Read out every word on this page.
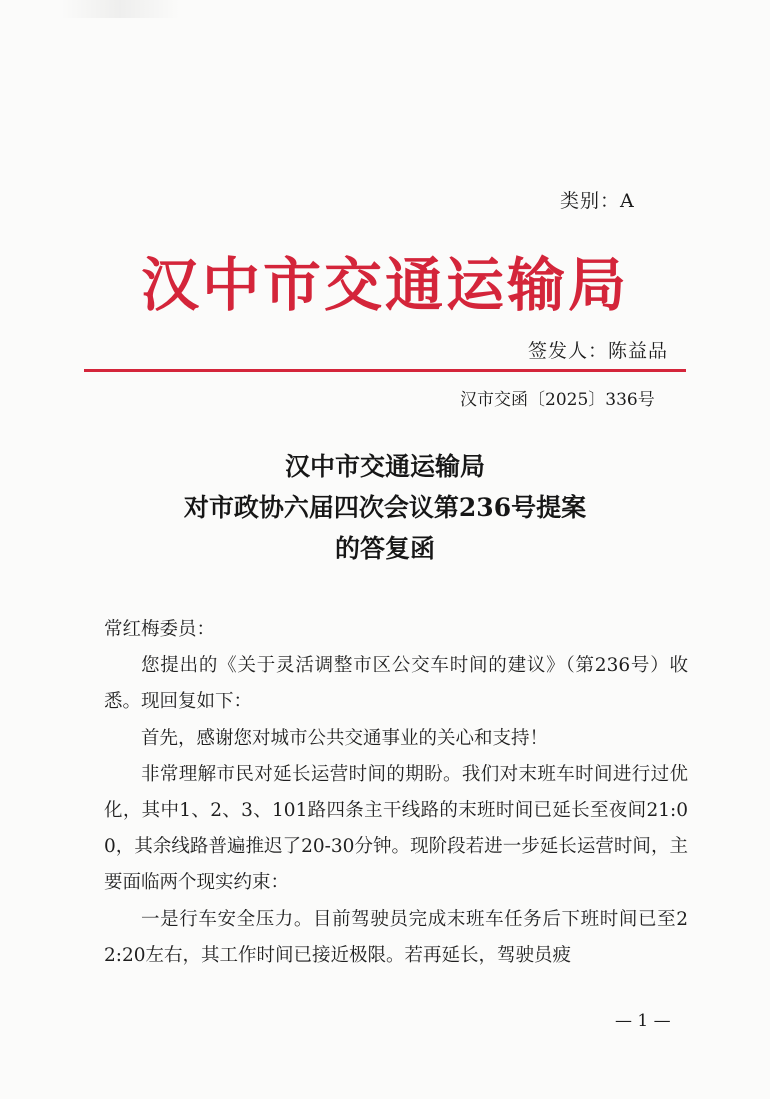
类别：A
汉中市交通运输局
签发人：陈益品
汉市交函〔2025〕336号
汉中市交通运输局
对市政协六届四次会议第236号提案
的答复函
常红梅委员：

您提出的《关于灵活调整市区公交车时间的建议》（第236号）收悉。现回复如下：

首先，感谢您对城市公共交通事业的关心和支持！

非常理解市民对延长运营时间的期盼。我们对末班车时间进行过优化，其中1、2、3、101路四条主干线路的末班时间已延长至夜间21:00，其余线路普遍推迟了20-30分钟。现阶段若进一步延长运营时间，主要面临两个现实约束：

一是行车安全压力。目前驾驶员完成末班车任务后下班时间已至22:20左右，其工作时间已接近极限。若再延长，驾驶员疲

— 1 —
